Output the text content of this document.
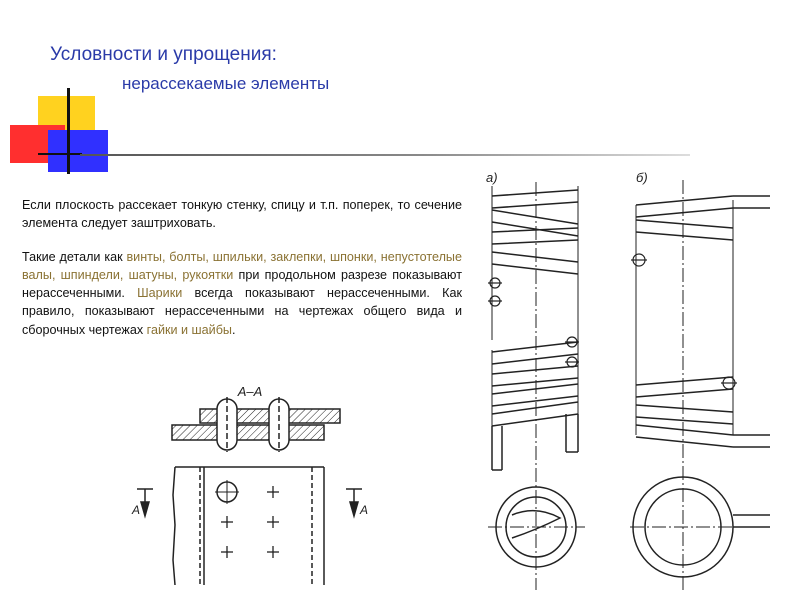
Условности и упрощения:
нерассекаемые элементы

Если плоскость рассекает тонкую стенку, спицу и т.п. поперек, то сечение элемента следует заштриховать.

Такие детали как винты, болты, шпильки, заклепки, шпонки, непустотелые валы, шпиндели, шатуны, рукоятки при продольном разрезе показывают нерассеченными. Шарики всегда показывают нерассеченными. Как правило, показывают нерассеченными на чертежах общего вида и сборочных чертежах гайки и шайбы.

А–А
А	А
а)	б)
